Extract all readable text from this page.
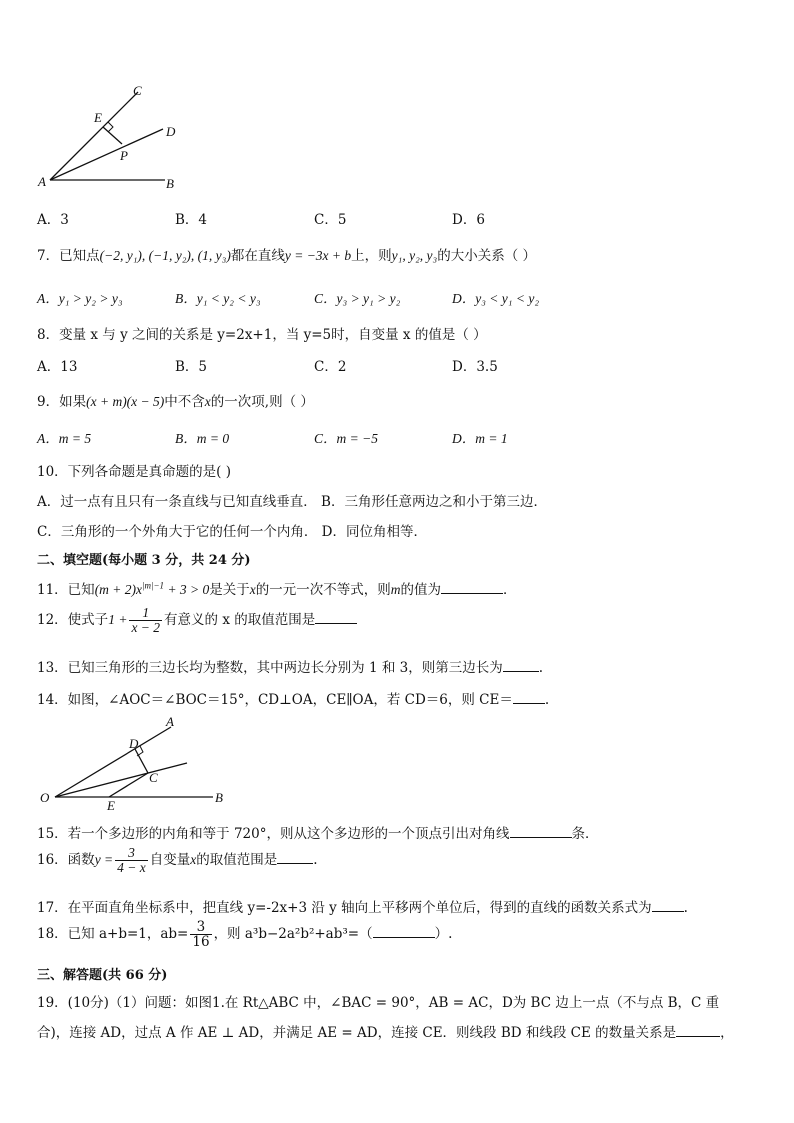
C
E
D
P
A	B
A．3	B．4	C．5	D．6
7．已知点(−2, y₁), (−1, y₂), (1, y₃)都在直线y = −3x + b上，则y₁, y₂, y₃的大小关系（ ）
A．y₁ > y₂ > y₃	B．y₁ < y₂ < y₃	C．y₃ > y₁ > y₂	D．y₃ < y₁ < y₂
8．变量 x 与 y 之间的关系是 y=2x+1，当 y=5时，自变量 x 的值是（ ）
A．13	B．5	C．2	D．3.5
9．如果(x + m)(x − 5)中不含x的一次项,则（ ）
A．m = 5	B．m = 0	C．m = −5	D．m = 1
10．下列各命题是真命题的是( )
A．过一点有且只有一条直线与已知直线垂直． B．三角形任意两边之和小于第三边．
C．三角形的一个外角大于它的任何一个内角． D．同位角相等．
二、填空题(每小题 3 分，共 24 分)
11．已知$(m + 2)x^{|m|-1} + 3 > 0$是关于x的一元一次不等式，则m的值为	．
12．使式子$1 + \frac{1}{x - 2}$ 有意义的 x 的取值范围是
13．已知三角形的三边长均为整数，其中两边长分别为 1 和 3，则第三边长为	.
14．如图，∠AOC＝∠BOC＝15°，CD⊥OA，CE∥OA，若 CD＝6，则 CE＝ .
A
D
C
O
E
B
15．若一个多边形的内角和等于 720°，则从这个多边形的一个顶点引出对角线	条．
16．函数$y = \frac{3}{4 - x}$ 自变量x的取值范围是	.
17．在平面直角坐标系中，把直线 y=-2x+3 沿 y 轴向上平移两个单位后，得到的直线的函数关系式为 .
18．已知 a+b=1，$ab= \frac{3}{16}$ ，则 a³b−2a²b²+ab³=（	）.
三、解答题(共 66 分)
19．(10分)（1）问题：如图1.在 Rt△ABC 中，∠BAC = 90°，AB = AC，D为 BC 边上一点（不与点 B，C 重
合)，连接 AD，过点 A 作 AE ⊥ AD，并满足 AE = AD，连接 CE．则线段 BD 和线段 CE 的数量关系是	，
